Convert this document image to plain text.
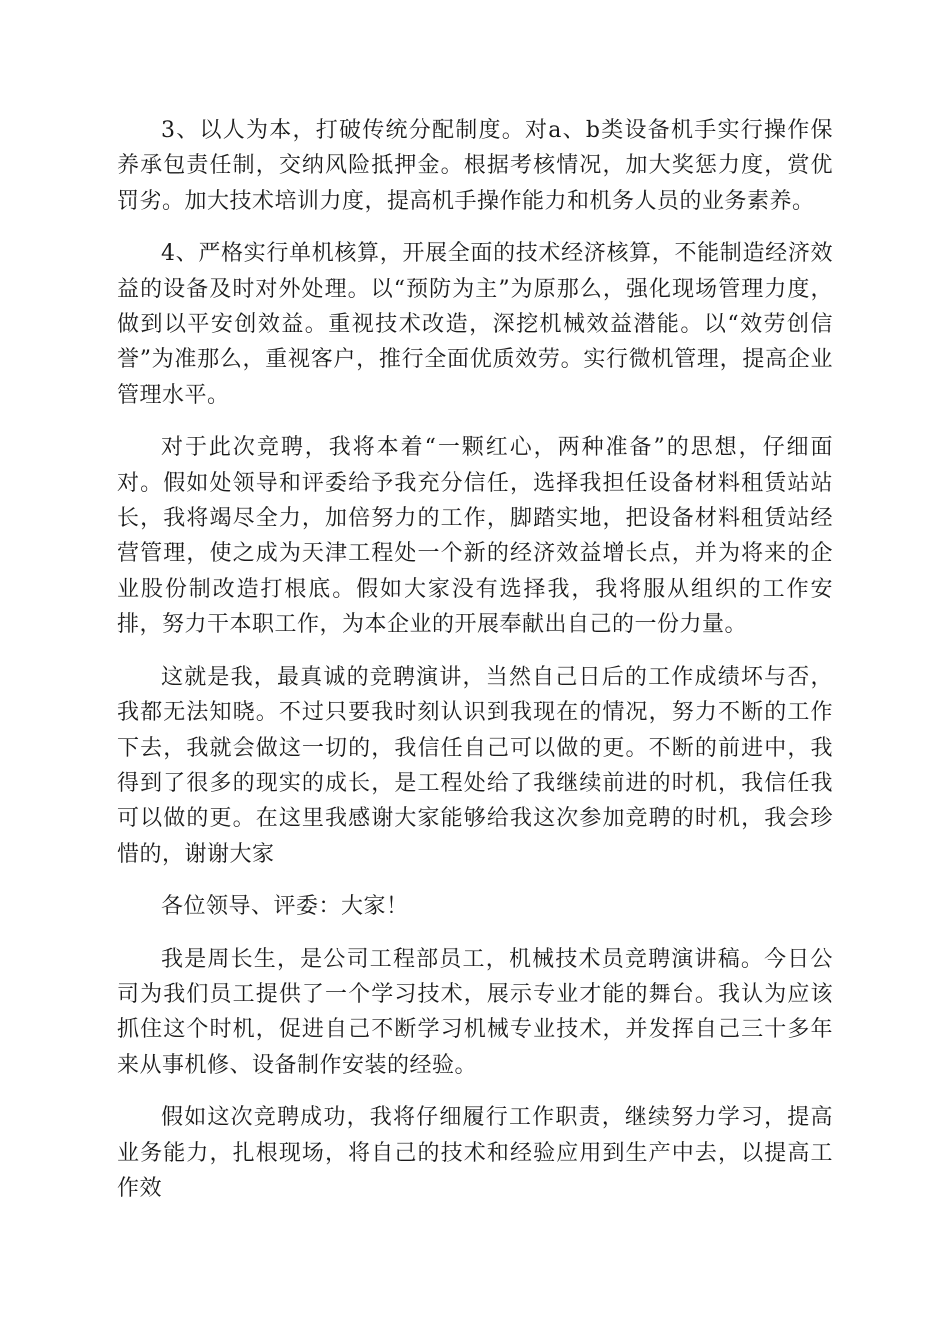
3、以人为本，打破传统分配制度。对a、b类设备机手实行操作保养承包责任制，交纳风险抵押金。根据考核情况，加大奖惩力度，赏优罚劣。加大技术培训力度，提高机手操作能力和机务人员的业务素养。

4、严格实行单机核算，开展全面的技术经济核算，不能制造经济效益的设备及时对外处理。以“预防为主”为原那么，强化现场管理力度，做到以平安创效益。重视技术改造，深挖机械效益潜能。以“效劳创信誉”为准那么，重视客户，推行全面优质效劳。实行微机管理，提高企业管理水平。

对于此次竞聘，我将本着“一颗红心，两种准备”的思想，仔细面对。假如处领导和评委给予我充分信任，选择我担任设备材料租赁站站长，我将竭尽全力，加倍努力的工作，脚踏实地，把设备材料租赁站经营管理，使之成为天津工程处一个新的经济效益增长点，并为将来的企业股份制改造打根底。假如大家没有选择我，我将服从组织的工作安排，努力干本职工作，为本企业的开展奉献出自己的一份力量。

这就是我，最真诚的竞聘演讲，当然自己日后的工作成绩坏与否，我都无法知晓。不过只要我时刻认识到我现在的情况，努力不断的工作下去，我就会做这一切的，我信任自己可以做的更。不断的前进中，我得到了很多的现实的成长，是工程处给了我继续前进的时机，我信任我可以做的更。在这里我感谢大家能够给我这次参加竞聘的时机，我会珍惜的，谢谢大家

各位领导、评委：大家！

我是周长生，是公司工程部员工，机械技术员竞聘演讲稿。今日公司为我们员工提供了一个学习技术，展示专业才能的舞台。我认为应该抓住这个时机，促进自己不断学习机械专业技术，并发挥自己三十多年来从事机修、设备制作安装的经验。

假如这次竞聘成功，我将仔细履行工作职责，继续努力学习，提高业务能力，扎根现场，将自己的技术和经验应用到生产中去，以提高工作效
